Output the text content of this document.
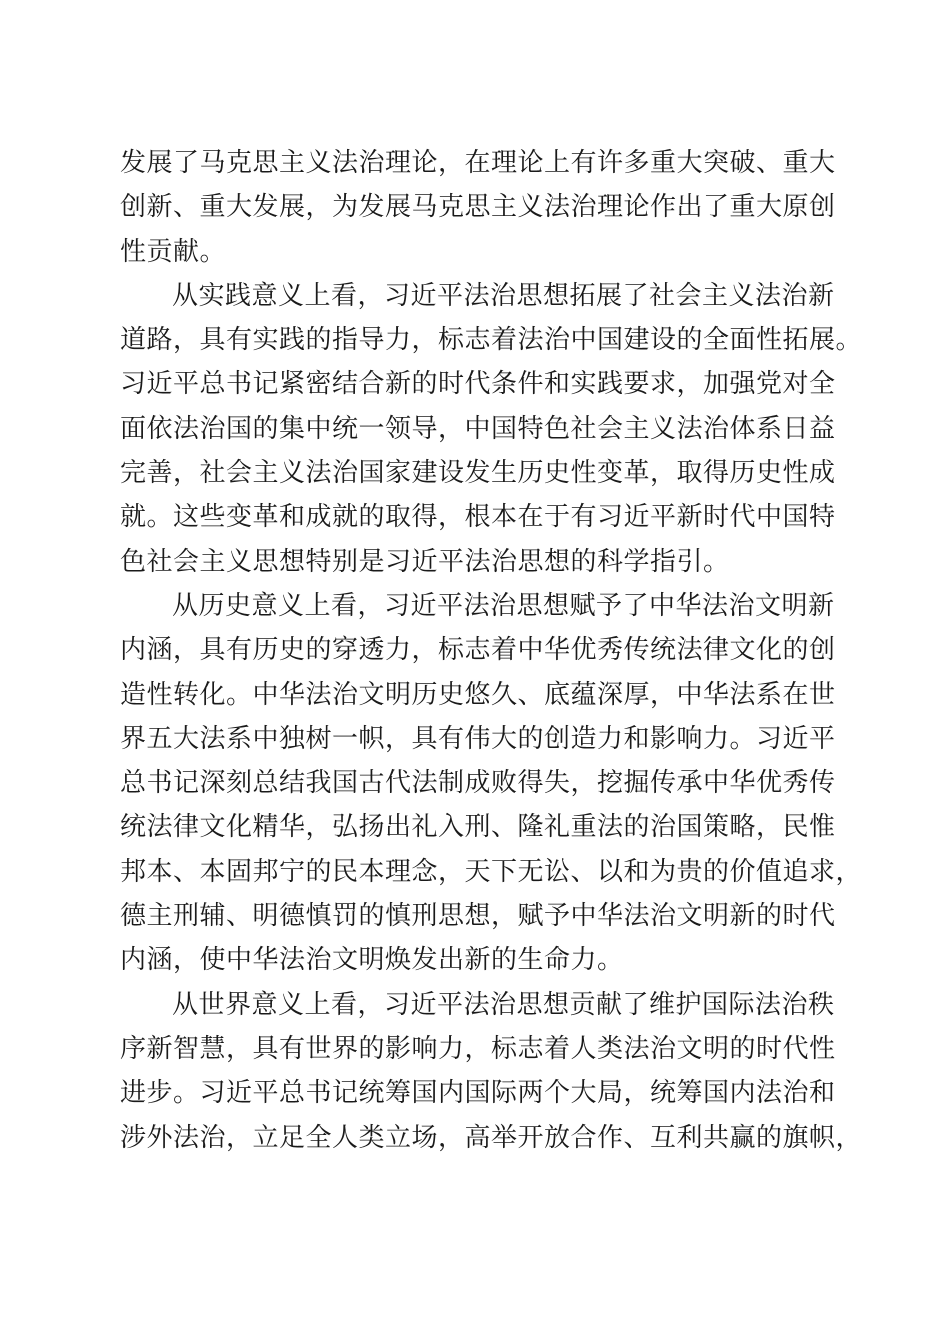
发展了马克思主义法治理论，在理论上有许多重大突破、重大
创新、重大发展，为发展马克思主义法治理论作出了重大原创
性贡献。
从实践意义上看，习近平法治思想拓展了社会主义法治新
道路，具有实践的指导力，标志着法治中国建设的全面性拓展。
习近平总书记紧密结合新的时代条件和实践要求，加强党对全
面依法治国的集中统一领导，中国特色社会主义法治体系日益
完善，社会主义法治国家建设发生历史性变革，取得历史性成
就。这些变革和成就的取得，根本在于有习近平新时代中国特
色社会主义思想特别是习近平法治思想的科学指引。
从历史意义上看，习近平法治思想赋予了中华法治文明新
内涵，具有历史的穿透力，标志着中华优秀传统法律文化的创
造性转化。中华法治文明历史悠久、底蕴深厚，中华法系在世
界五大法系中独树一帜，具有伟大的创造力和影响力。习近平
总书记深刻总结我国古代法制成败得失，挖掘传承中华优秀传
统法律文化精华，弘扬出礼入刑、隆礼重法的治国策略，民惟
邦本、本固邦宁的民本理念，天下无讼、以和为贵的价值追求，
德主刑辅、明德慎罚的慎刑思想，赋予中华法治文明新的时代
内涵，使中华法治文明焕发出新的生命力。
从世界意义上看，习近平法治思想贡献了维护国际法治秩
序新智慧，具有世界的影响力，标志着人类法治文明的时代性
进步。习近平总书记统筹国内国际两个大局，统筹国内法治和
涉外法治，立足全人类立场，高举开放合作、互利共赢的旗帜，
